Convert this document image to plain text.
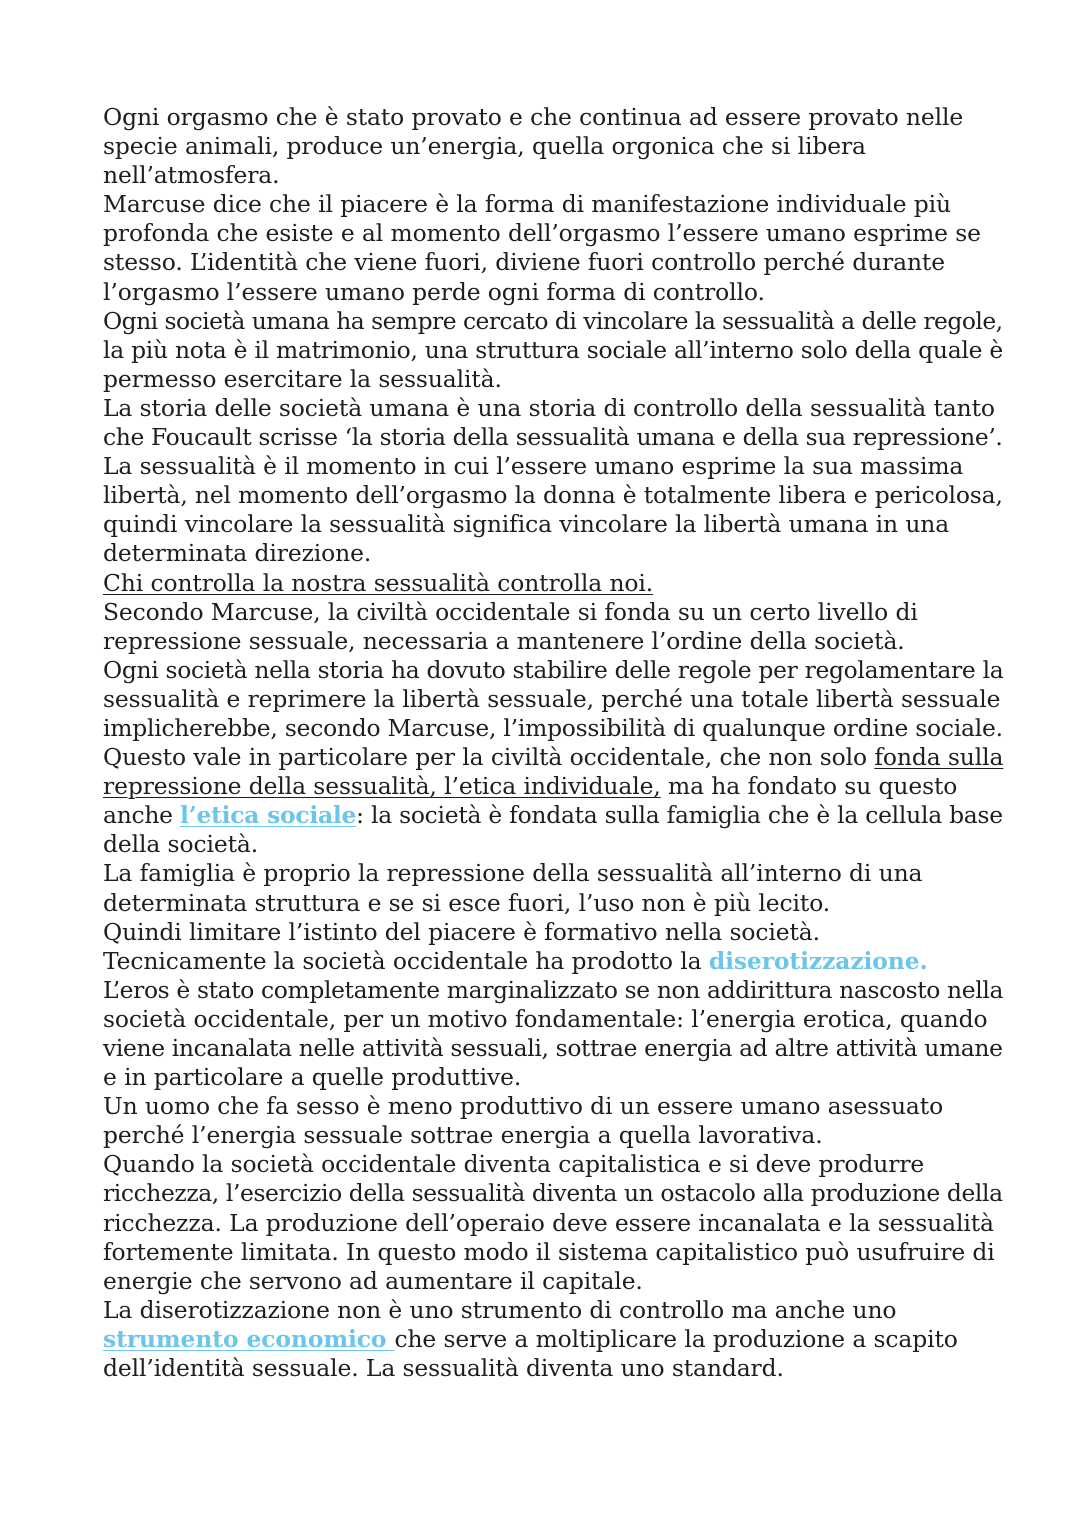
Ogni orgasmo che è stato provato e che continua ad essere provato nelle
specie animali, produce un’energia, quella orgonica che si libera
nell’atmosfera.
Marcuse dice che il piacere è la forma di manifestazione individuale più
profonda che esiste e al momento dell’orgasmo l’essere umano esprime se
stesso. L’identità che viene fuori, diviene fuori controllo perché durante
l’orgasmo l’essere umano perde ogni forma di controllo.
Ogni società umana ha sempre cercato di vincolare la sessualità a delle regole,
la più nota è il matrimonio, una struttura sociale all’interno solo della quale è
permesso esercitare la sessualità.
La storia delle società umana è una storia di controllo della sessualità tanto
che Foucault scrisse ‘la storia della sessualità umana e della sua repressione’.
La sessualità è il momento in cui l’essere umano esprime la sua massima
libertà, nel momento dell’orgasmo la donna è totalmente libera e pericolosa,
quindi vincolare la sessualità significa vincolare la libertà umana in una
determinata direzione.
Chi controlla la nostra sessualità controlla noi.
Secondo Marcuse, la civiltà occidentale si fonda su un certo livello di
repressione sessuale, necessaria a mantenere l’ordine della società.
Ogni società nella storia ha dovuto stabilire delle regole per regolamentare la
sessualità e reprimere la libertà sessuale, perché una totale libertà sessuale
implicherebbe, secondo Marcuse, l’impossibilità di qualunque ordine sociale.
Questo vale in particolare per la civiltà occidentale, che non solo fonda sulla
repressione della sessualità, l’etica individuale, ma ha fondato su questo
anche l’etica sociale: la società è fondata sulla famiglia che è la cellula base
della società.
La famiglia è proprio la repressione della sessualità all’interno di una
determinata struttura e se si esce fuori, l’uso non è più lecito.
Quindi limitare l’istinto del piacere è formativo nella società.
Tecnicamente la società occidentale ha prodotto la diserotizzazione.
L’eros è stato completamente marginalizzato se non addirittura nascosto nella
società occidentale, per un motivo fondamentale: l’energia erotica, quando
viene incanalata nelle attività sessuali, sottrae energia ad altre attività umane
e in particolare a quelle produttive.
Un uomo che fa sesso è meno produttivo di un essere umano asessuato
perché l’energia sessuale sottrae energia a quella lavorativa.
Quando la società occidentale diventa capitalistica e si deve produrre
ricchezza, l’esercizio della sessualità diventa un ostacolo alla produzione della
ricchezza. La produzione dell’operaio deve essere incanalata e la sessualità
fortemente limitata. In questo modo il sistema capitalistico può usufruire di
energie che servono ad aumentare il capitale.
La diserotizzazione non è uno strumento di controllo ma anche uno
strumento economico che serve a moltiplicare la produzione a scapito
dell’identità sessuale. La sessualità diventa uno standard.
